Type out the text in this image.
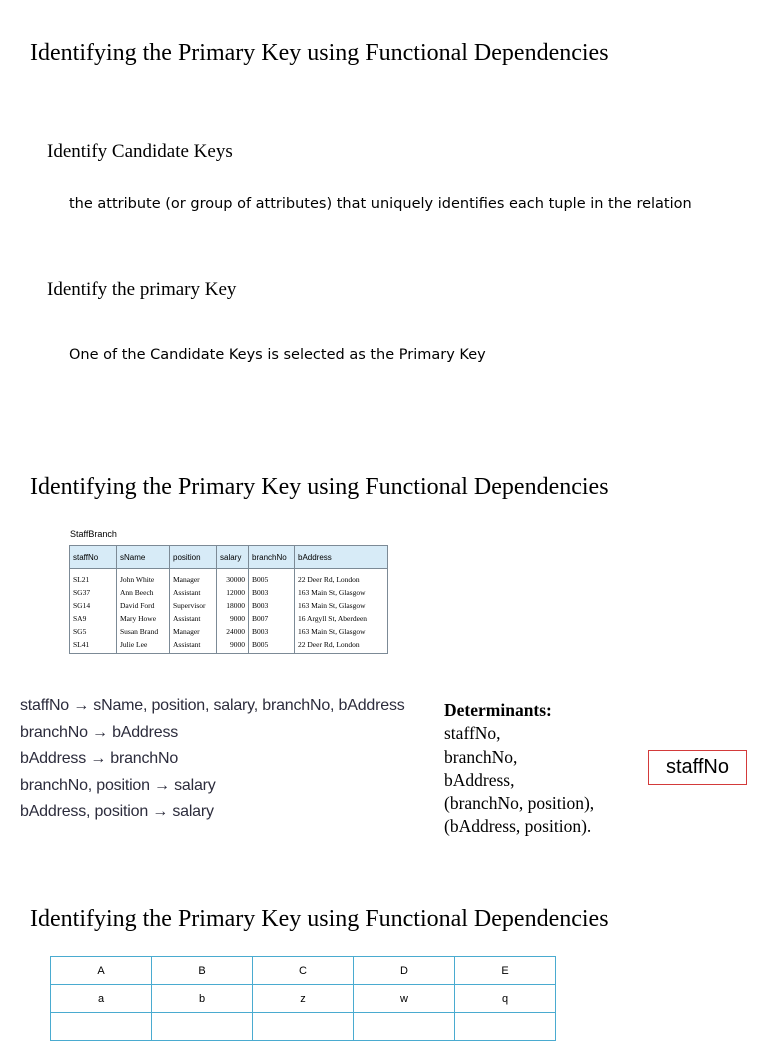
Identifying the Primary Key using Functional Dependencies
Identify Candidate Keys
the attribute (or group of attributes) that uniquely identifies each tuple in the relation
Identify the primary Key
One of the Candidate Keys is selected as the Primary Key
Identifying the Primary Key using Functional Dependencies
StaffBranch
staffNo	sName	position	salary	branchNo	bAddress
SL21	John White	Manager	30000	B005	22 Deer Rd, London
SG37	Ann Beech	Assistant	12000	B003	163 Main St, Glasgow
SG14	David Ford	Supervisor	18000	B003	163 Main St, Glasgow
SA9	Mary Howe	Assistant	9000	B007	16 Argyll St, Aberdeen
SG5	Susan Brand	Manager	24000	B003	163 Main St, Glasgow
SL41	Julie Lee	Assistant	9000	B005	22 Deer Rd, London
staffNo → sName, position, salary, branchNo, bAddress
branchNo → bAddress
bAddress → branchNo
branchNo, position → salary
bAddress, position → salary
Determinants:
staffNo,
branchNo,
bAddress,
(branchNo, position),
(bAddress, position).
staffNo
Identifying the Primary Key using Functional Dependencies
A	B	C	D	E
a	b	z	w	q
